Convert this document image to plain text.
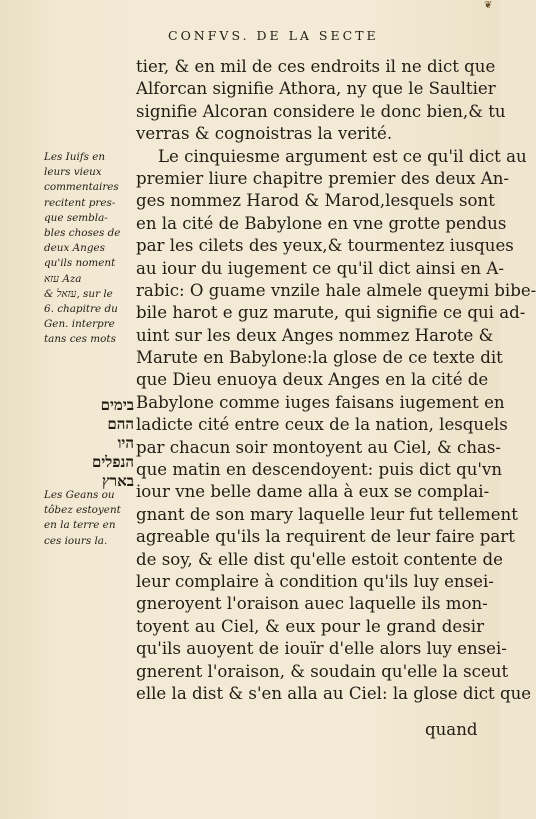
❦
CONFVS. DE LA SECTE
tier, & en mil de ces endroits il ne dict que
Alforcan signifie Athora, ny que le Saultier
signifie Alcoran considere le donc bien,& tu
verras & cognoistras la verité.
Le cinquiesme argument est ce qu'il dict au
premier liure chapitre premier des deux An-
ges nommez Harod & Marod,lesquels sont
en la cité de Babylone en vne grotte pendus
par les cilets des yeux,& tourmentez iusques
au iour du iugement ce qu'il dict ainsi en A-
rabic: O guame vnzile hale almele queymi bibe-
bile harot e guz marute, qui signifie ce qui ad-
uint sur les deux Anges nommez Harote &
Marute en Babylone:la glose de ce texte dit
que Dieu enuoya deux Anges en la cité de
Babylone comme iuges faisans iugement en
ladicte cité entre ceux de la nation, lesquels
par chacun soir montoyent au Ciel, & chas-
que matin en descendoyent: puis dict qu'vn
iour vne belle dame alla à eux se complai-
gnant de son mary laquelle leur fut tellement
agreable qu'ils la requirent de leur faire part
de soy, & elle dist qu'elle estoit contente de
leur complaire à condition qu'ils luy ensei-
gneroyent l'oraison auec laquelle ils mon-
toyent au Ciel, & eux pour le grand desir
qu'ils auoyent de iouïr d'elle alors luy ensei-
gnerent l'oraison, & soudain qu'elle la sceut
elle la dist & s'en alla au Ciel: la glose dict que
quand
Les Iuifs en
leurs vieux
commentaires
recitent pres-
que sembla-
bles choses de
deux Anges
qu'ils noment
עזא Aza
& עזאל, sur le
6. chapitre du
Gen. interpre
tans ces mots
בימים
ההם
היו
הנפלים
בארץ
Les Geans ou
tôbez estoyent
en la terre en
ces iours la.
